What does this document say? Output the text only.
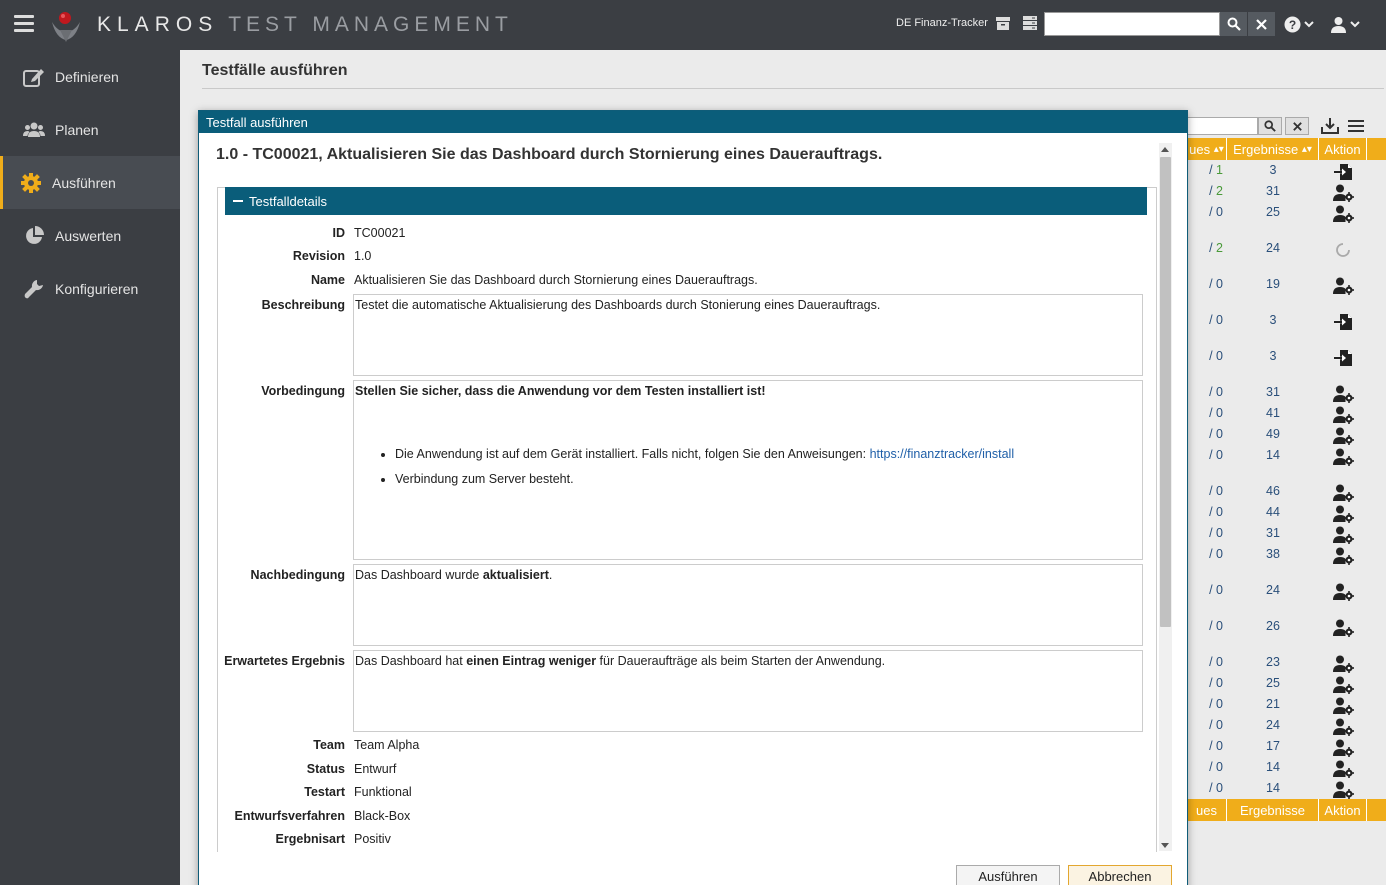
KLAROS TEST MANAGEMENT	DE Finanz-Tracker	?
Definieren
Planen
Ausführen
Auswerten
Konfigurieren
Testfälle ausführen
ues
▴▾ Ergebnisse
▴▾ Aktion
/ 1	3
/ 2	31
/ 0	25
/ 2	24
/ 0	19
/ 0	3
/ 0	3
/ 0	31
/ 0	41
/ 0	49
/ 0	14
/ 0	46
/ 0	44
/ 0	31
/ 0	38
/ 0	24
/ 0	26
/ 0	23
/ 0	25
/ 0	21
/ 0	24
/ 0	17
/ 0	14
/ 0	14
ues	Ergebnisse	Aktion
Testfall ausführen
1.0 - TC00021, Aktualisieren Sie das Dashboard durch Stornierung eines Dauerauftrags.
Testfalldetails
ID TC00021
Revision 1.0
Name Aktualisieren Sie das Dashboard durch Stornierung eines Dauerauftrags.
Beschreibung Testet die automatische Aktualisierung des Dashboards durch Stonierung eines Dauerauftrags.
Vorbedingung Stellen Sie sicher, dass die Anwendung vor dem Testen installiert ist!
• Die Anwendung ist auf dem Gerät installiert. Falls nicht, folgen Sie den Anweisungen: https://finanztracker/install
• Verbindung zum Server besteht.
Nachbedingung Das Dashboard wurde aktualisiert.
Erwartetes Ergebnis Das Dashboard hat einen Eintrag weniger für Daueraufträge als beim Starten der Anwendung.
Team Team Alpha
Status Entwurf
Testart Funktional
Entwurfsverfahren Black-Box
Ergebnisart Positiv
Ausführen	Abbrechen
